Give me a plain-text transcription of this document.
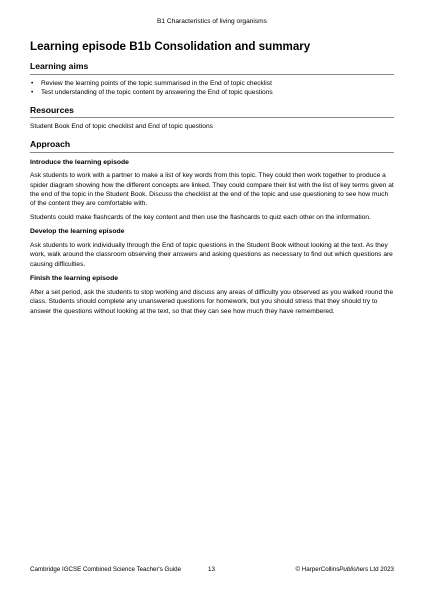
B1 Characteristics of living organisms
Learning episode B1b Consolidation and summary
Learning aims
• Review the learning points of the topic summarised in the End of topic checklist
• Test understanding of the topic content by answering the End of topic questions
Resources

Student Book End of topic checklist and End of topic questions

Approach
Introduce the learning episode

Ask students to work with a partner to make a list of key words from this topic. They could then work together to produce a spider diagram showing how the different concepts are linked. They could compare their list with the list of key terms given at the end of the topic in the Student Book. Discuss the checklist at the end of the topic and use questioning to see how much of the content they are comfortable with.

Students could make flashcards of the key content and then use the flashcards to quiz each other on the information.

Develop the learning episode

Ask students to work individually through the End of topic questions in the Student Book without looking at the text. As they work, walk around the classroom observing their answers and asking questions as necessary to find out which questions are causing difficulties.

Finish the learning episode

After a set period, ask the students to stop working and discuss any areas of difficulty you observed as you walked round the class. Students should complete any unanswered questions for homework, but you should stress that they should try to answer the questions without looking at the text, so that they can see how much they have remembered.

Cambridge IGCSE Combined Science Teacher's Guide	13	© HarperCollinsPublishers Ltd 2023
